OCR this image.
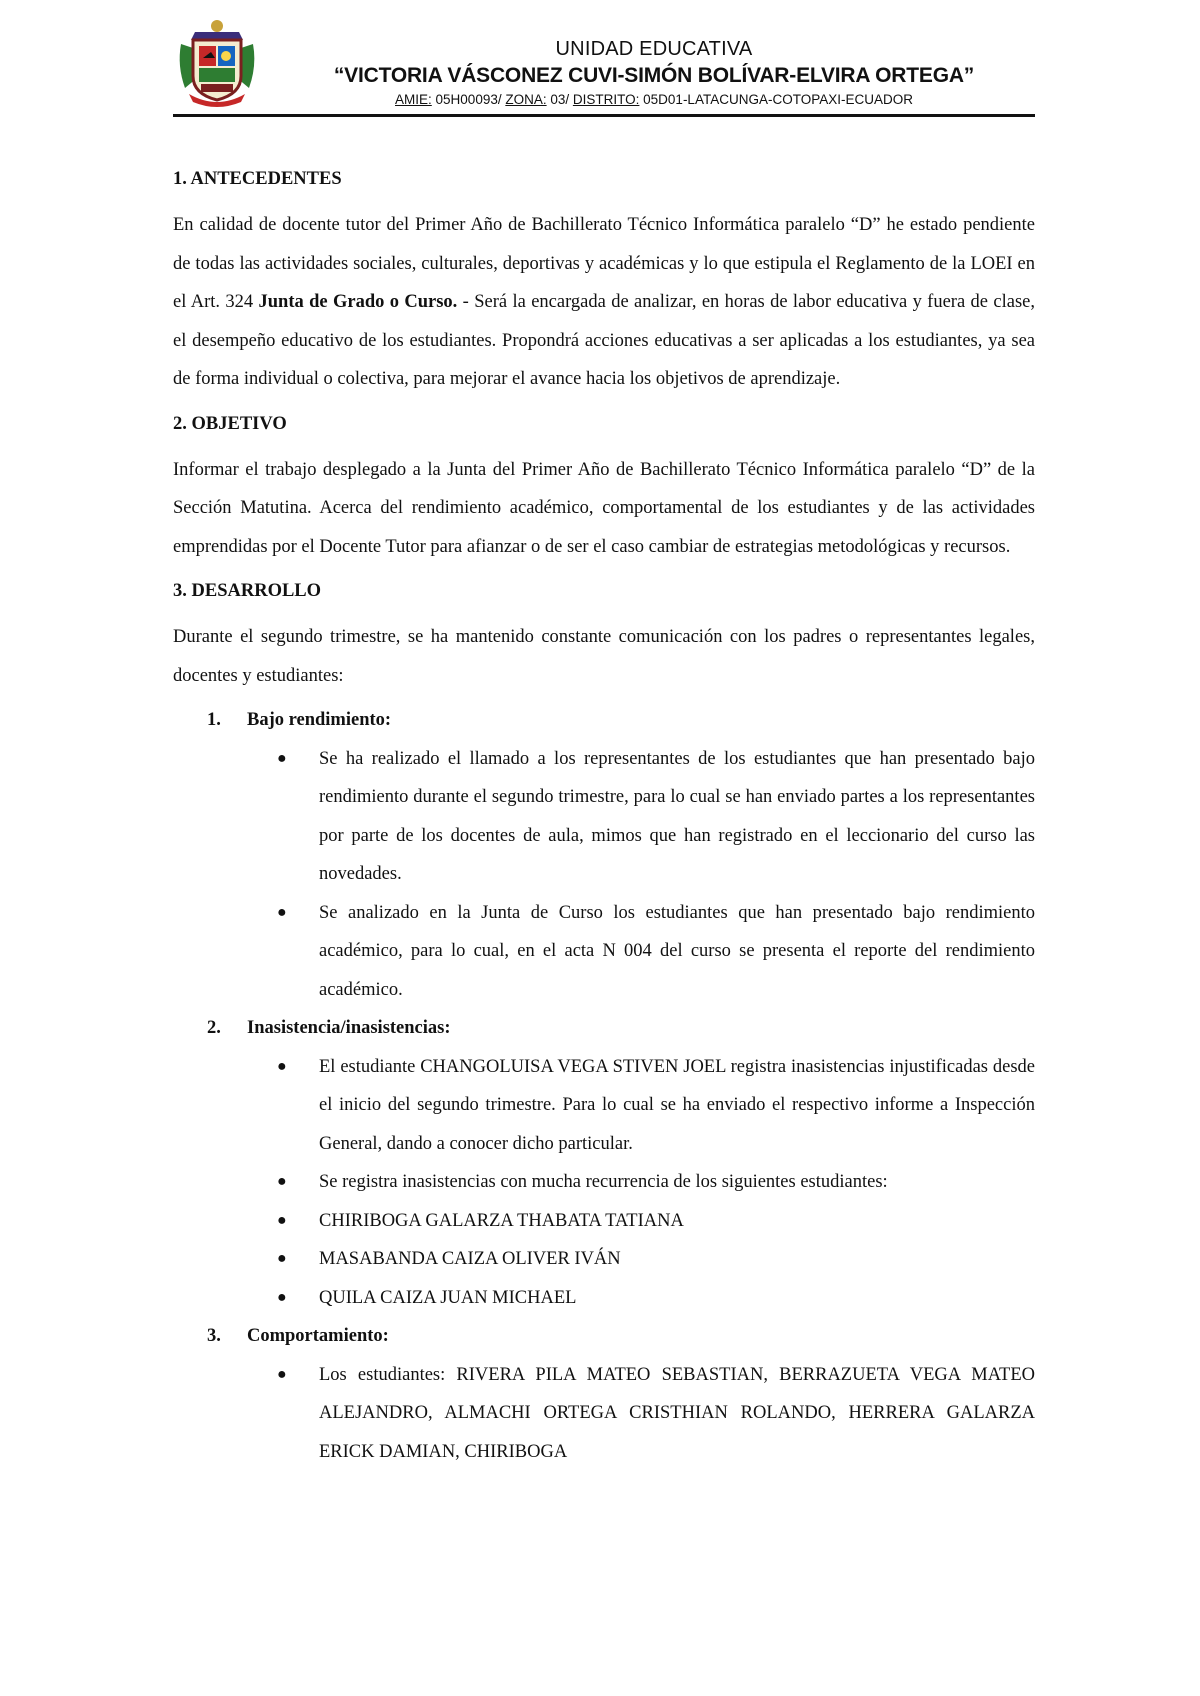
UNIDAD EDUCATIVA
“VICTORIA VÁSCONEZ CUVI-SIMÓN BOLÍVAR-ELVIRA ORTEGA”
AMIE: 05H00093/ ZONA: 03/ DISTRITO: 05D01-LATACUNGA-COTOPAXI-ECUADOR
1. ANTECEDENTES

En calidad de docente tutor del Primer Año de Bachillerato Técnico Informática paralelo “D” he estado pendiente de todas las actividades sociales, culturales, deportivas y académicas y lo que estipula el Reglamento de la LOEI en el Art. 324 Junta de Grado o Curso. - Será la encargada de analizar, en horas de labor educativa y fuera de clase, el desempeño educativo de los estudiantes. Propondrá acciones educativas a ser aplicadas a los estudiantes, ya sea de forma individual o colectiva, para mejorar el avance hacia los objetivos de aprendizaje.

2. OBJETIVO

Informar el trabajo desplegado a la Junta del Primer Año de Bachillerato Técnico Informática paralelo “D” de la Sección Matutina. Acerca del rendimiento académico, comportamental de los estudiantes y de las actividades emprendidas por el Docente Tutor para afianzar o de ser el caso cambiar de estrategias metodológicas y recursos.

3. DESARROLLO

Durante el segundo trimestre, se ha mantenido constante comunicación con los padres o representantes legales, docentes y estudiantes:

1. Bajo rendimiento:
● Se ha realizado el llamado a los representantes de los estudiantes que han presentado bajo rendimiento durante el segundo trimestre, para lo cual se han enviado partes a los representantes por parte de los docentes de aula, mimos que han registrado en el leccionario del curso las novedades.
● Se analizado en la Junta de Curso los estudiantes que han presentado bajo rendimiento académico, para lo cual, en el acta N 004 del curso se presenta el reporte del rendimiento académico.
2. Inasistencia/inasistencias:
● El estudiante CHANGOLUISA VEGA STIVEN JOEL registra inasistencias injustificadas desde el inicio del segundo trimestre. Para lo cual se ha enviado el respectivo informe a Inspección General, dando a conocer dicho particular.
● Se registra inasistencias con mucha recurrencia de los siguientes estudiantes:
● CHIRIBOGA GALARZA THABATA TATIANA
● MASABANDA CAIZA OLIVER IVÁN
● QUILA CAIZA JUAN MICHAEL
3. Comportamiento:
● Los estudiantes: RIVERA PILA MATEO SEBASTIAN, BERRAZUETA VEGA MATEO ALEJANDRO, ALMACHI ORTEGA CRISTHIAN ROLANDO, HERRERA GALARZA ERICK DAMIAN, CHIRIBOGA
